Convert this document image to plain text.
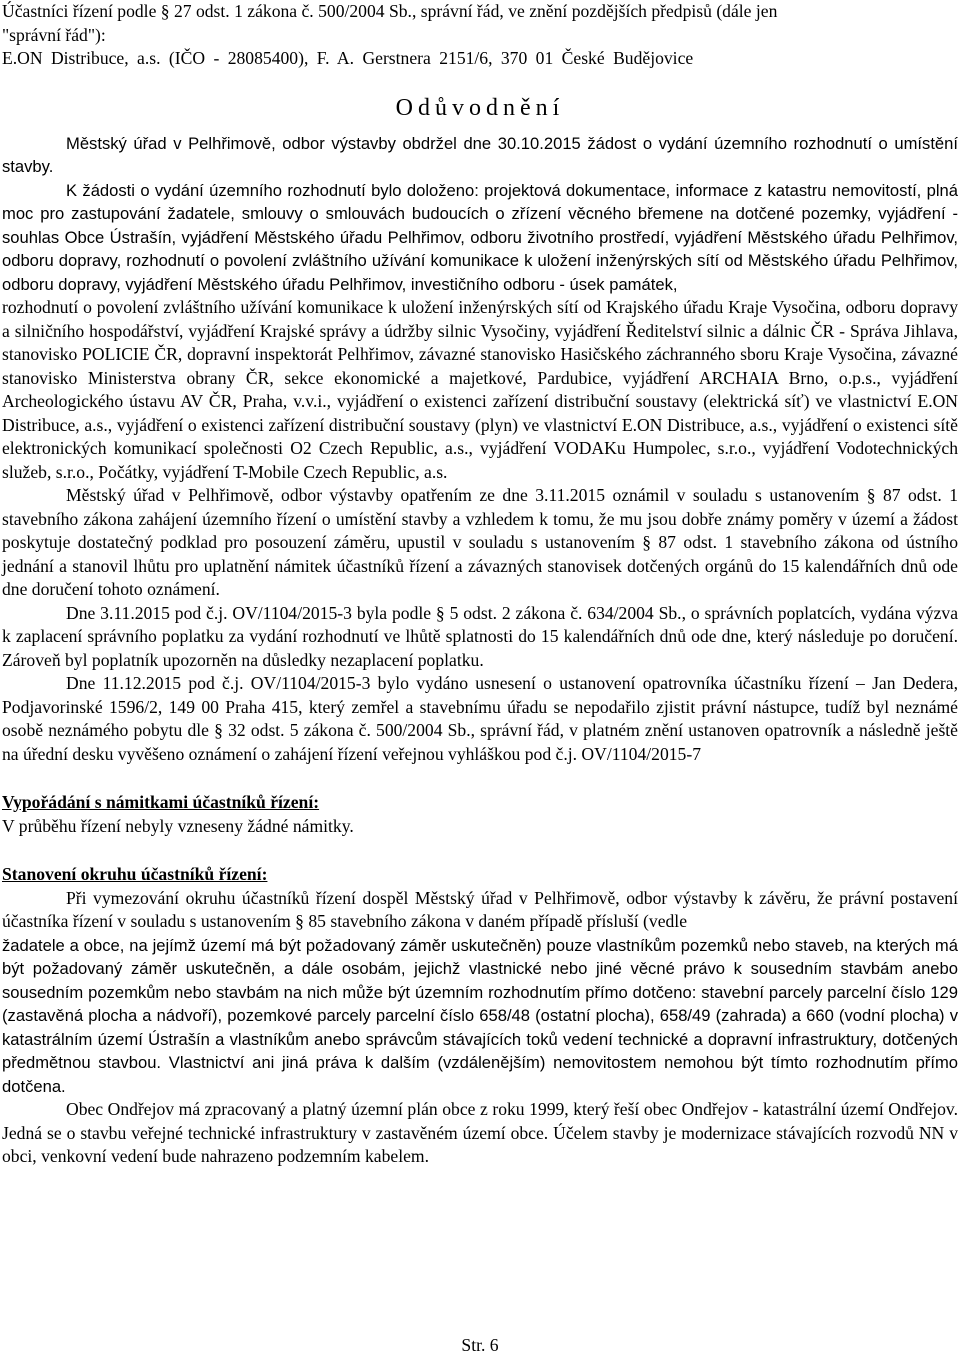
Účastníci řízení podle § 27 odst. 1 zákona č. 500/2004 Sb., správní řád, ve znění pozdějších předpisů (dále jen

"správní řád"):

E.ON Distribuce, a.s. (IČO - 28085400), F. A. Gerstnera 2151/6, 370 01 České Budějovice

Odůvodnění

Městský úřad v Pelhřimově, odbor výstavby obdržel dne 30.10.2015 žádost o vydání územního rozhodnutí o umístění stavby.

K žádosti o vydání územního rozhodnutí bylo doloženo: projektová dokumentace, informace z katastru nemovitostí, plná moc pro zastupování žadatele, smlouvy o smlouvách budoucích o zřízení věcného břemene na dotčené pozemky, vyjádření - souhlas Obce Ústrašín, vyjádření Městského úřadu Pelhřimov, odboru životního prostředí, vyjádření Městského úřadu Pelhřimov, odboru dopravy, rozhodnutí o povolení zvláštního užívání komunikace k uložení inženýrských sítí od Městského úřadu Pelhřimov, odboru dopravy, vyjádření Městského úřadu Pelhřimov, investičního odboru - úsek památek,

rozhodnutí o povolení zvláštního užívání komunikace k uložení inženýrských sítí od Krajského úřadu Kraje Vysočina, odboru dopravy a silničního hospodářství, vyjádření Krajské správy a údržby silnic Vysočiny, vyjádření Ředitelství silnic a dálnic ČR - Správa Jihlava, stanovisko POLICIE ČR, dopravní inspektorát Pelhřimov, závazné stanovisko Hasičského záchranného sboru Kraje Vysočina, závazné stanovisko Ministerstva obrany ČR, sekce ekonomické a majetkové, Pardubice, vyjádření ARCHAIA Brno, o.p.s., vyjádření Archeologického ústavu AV ČR, Praha, v.v.i., vyjádření o existenci zařízení distribuční soustavy (elektrická síť) ve vlastnictví E.ON Distribuce, a.s., vyjádření o existenci zařízení distribuční soustavy (plyn) ve vlastnictví E.ON Distribuce, a.s., vyjádření o existenci sítě elektronických komunikací společnosti O2 Czech Republic, a.s., vyjádření VODAKu Humpolec, s.r.o., vyjádření Vodotechnických služeb, s.r.o., Počátky, vyjádření T-Mobile Czech Republic, a.s.

Městský úřad v Pelhřimově, odbor výstavby opatřením ze dne 3.11.2015 oznámil v souladu s ustanovením § 87 odst. 1 stavebního zákona zahájení územního řízení o umístění stavby a vzhledem k tomu, že mu jsou dobře známy poměry v území a žádost poskytuje dostatečný podklad pro posouzení záměru, upustil v souladu s ustanovením § 87 odst. 1 stavebního zákona od ústního jednání a stanovil lhůtu pro uplatnění námitek účastníků řízení a závazných stanovisek dotčených orgánů do 15 kalendářních dnů ode dne doručení tohoto oznámení.

Dne 3.11.2015 pod č.j. OV/1104/2015-3 byla podle § 5 odst. 2 zákona č. 634/2004 Sb., o správních poplatcích, vydána výzva k zaplacení správního poplatku za vydání rozhodnutí ve lhůtě splatnosti do 15 kalendářních dnů ode dne, který následuje po doručení. Zároveň byl poplatník upozorněn na důsledky nezaplacení poplatku.

Dne 11.12.2015 pod č.j. OV/1104/2015-3 bylo vydáno usnesení o ustanovení opatrovníka účastníku řízení – Jan Dedera, Podjavorinské 1596/2, 149 00 Praha 415, který zemřel a stavebnímu úřadu se nepodařilo zjistit právní nástupce, tudíž byl neznámé osobě neznámého pobytu dle § 32 odst. 5 zákona č. 500/2004 Sb., správní řád, v platném znění ustanoven opatrovník a následně ještě na úřední desku vyvěšeno oznámení o zahájení řízení veřejnou vyhláškou pod č.j. OV/1104/2015-7

Vypořádání s námitkami účastníků řízení:

V průběhu řízení nebyly vzneseny žádné námitky.

Stanovení okruhu účastníků řízení:

Při vymezování okruhu účastníků řízení dospěl Městský úřad v Pelhřimově, odbor výstavby k závěru, že právní postavení účastníka řízení v souladu s ustanovením § 85 stavebního zákona v daném případě přísluší (vedle

žadatele a obce, na jejímž území má být požadovaný záměr uskutečněn) pouze vlastníkům pozemků nebo staveb, na kterých má být požadovaný záměr uskutečněn, a dále osobám, jejichž vlastnické nebo jiné věcné právo k sousedním stavbám anebo sousedním pozemkům nebo stavbám na nich může být územním rozhodnutím přímo dotčeno: stavební parcely parcelní číslo 129 (zastavěná plocha a nádvoří), pozemkové parcely parcelní číslo 658/48 (ostatní plocha), 658/49 (zahrada) a 660 (vodní plocha) v katastrálním území Ústrašín a vlastníkům anebo správcům stávajících toků vedení technické a dopravní infrastruktury, dotčených předmětnou stavbou. Vlastnictví ani jiná práva k dalším (vzdálenějším) nemovitostem nemohou být tímto rozhodnutím přímo dotčena.

Obec Ondřejov má zpracovaný a platný územní plán obce z roku 1999, který řeší obec Ondřejov - katastrální území Ondřejov. Jedná se o stavbu veřejné technické infrastruktury v zastavěném území obce. Účelem stavby je modernizace stávajících rozvodů NN v obci, venkovní vedení bude nahrazeno podzemním kabelem.

Str. 6
